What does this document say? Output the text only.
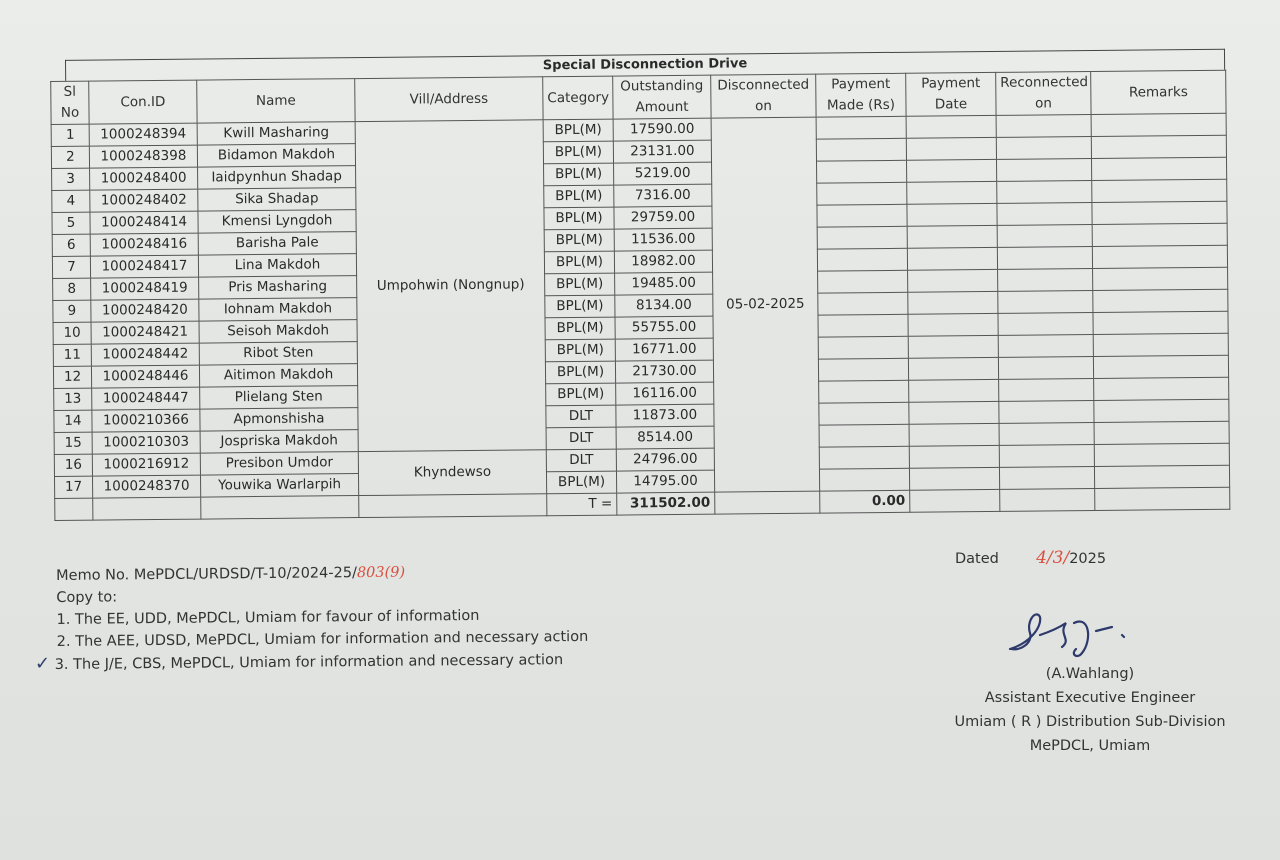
Special Disconnection Drive
Sl No	Con.ID	Name	Vill/Address	Category	Outstanding Amount	Disconnected on	Payment Made (Rs)	Payment Date	Reconnected on	Remarks
1	1000248394	Kwill Masharing	Umpohwin (Nongnup)	BPL(M)	17590.00	05-02-2025				
2	1000248398	Bidamon Makdoh		BPL(M)	23131.00					
3	1000248400	Iaidpynhun Shadap		BPL(M)	5219.00					
4	1000248402	Sika Shadap		BPL(M)	7316.00					
5	1000248414	Kmensi Lyngdoh		BPL(M)	29759.00					
6	1000248416	Barisha Pale		BPL(M)	11536.00					
7	1000248417	Lina Makdoh		BPL(M)	18982.00					
8	1000248419	Pris Masharing		BPL(M)	19485.00					
9	1000248420	Iohnam Makdoh		BPL(M)	8134.00					
10	1000248421	Seisoh Makdoh		BPL(M)	55755.00					
11	1000248442	Ribot Sten		BPL(M)	16771.00					
12	1000248446	Aitimon Makdoh		BPL(M)	21730.00					
13	1000248447	Plielang Sten		BPL(M)	16116.00					
14	1000210366	Apmonshisha		DLT	11873.00					
15	1000210303	Jospriska Makdoh		DLT	8514.00					
16	1000216912	Presibon Umdor	Khyndewso	DLT	24796.00					
17	1000248370	Youwika Warlarpih		BPL(M)	14795.00					
				T =	311502.00		0.00			
Memo No. MePDCL/URDSD/T-10/2024-25/803(9)
Copy to:
1. The EE, UDD, MePDCL, Umiam for favour of information
2. The AEE, UDSD, MePDCL, Umiam for information and necessary action
✓ 3. The J/E, CBS, MePDCL, Umiam for information and necessary action
Dated 4/3/2025
(A.Wahlang)
Assistant Executive Engineer
Umiam ( R ) Distribution Sub-Division
MePDCL, Umiam
